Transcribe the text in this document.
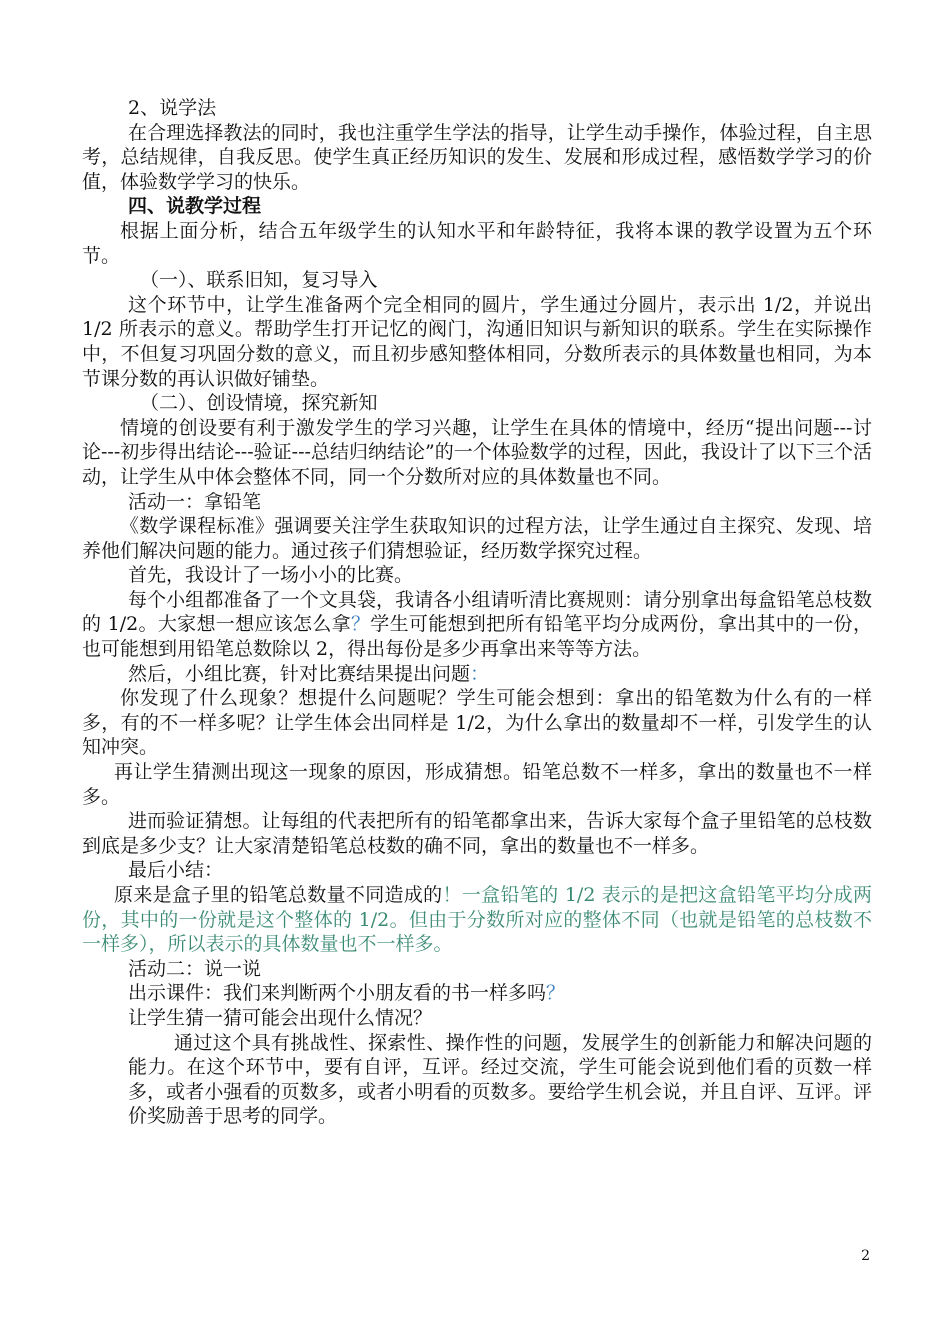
2、说学法

在合理选择教法的同时，我也注重学生学法的指导，让学生动手操作，体验过程，自主思考，总结规律，自我反思。使学生真正经历知识的发生、发展和形成过程，感悟数学学习的价值，体验数学学习的快乐。

四、说教学过程

根据上面分析，结合五年级学生的认知水平和年龄特征，我将本课的教学设置为五个环节。

（一）、联系旧知，复习导入

这个环节中，让学生准备两个完全相同的圆片，学生通过分圆片，表示出 1/2，并说出 1/2 所表示的意义。帮助学生打开记忆的阀门，沟通旧知识与新知识的联系。学生在实际操作中，不但复习巩固分数的意义，而且初步感知整体相同，分数所表示的具体数量也相同，为本节课分数的再认识做好铺垫。

（二）、创设情境，探究新知

情境的创设要有利于激发学生的学习兴趣，让学生在具体的情境中，经历“提出问题---讨论---初步得出结论---验证---总结归纳结论”的一个体验数学的过程，因此，我设计了以下三个活动，让学生从中体会整体不同，同一个分数所对应的具体数量也不同。

活动一：拿铅笔

《数学课程标准》强调要关注学生获取知识的过程方法，让学生通过自主探究、发现、培养他们解决问题的能力。通过孩子们猜想验证，经历数学探究过程。

首先，我设计了一场小小的比赛。

每个小组都准备了一个文具袋，我请各小组请听清比赛规则：请分别拿出每盒铅笔总枝数的 1/2。大家想一想应该怎么拿？学生可能想到把所有铅笔平均分成两份，拿出其中的一份，也可能想到用铅笔总数除以 2，得出每份是多少再拿出来等等方法。

然后，小组比赛，针对比赛结果提出问题：

你发现了什么现象？想提什么问题呢？学生可能会想到：拿出的铅笔数为什么有的一样多，有的不一样多呢？让学生体会出同样是 1/2，为什么拿出的数量却不一样，引发学生的认知冲突。

再让学生猜测出现这一现象的原因，形成猜想。铅笔总数不一样多，拿出的数量也不一样多。

进而验证猜想。让每组的代表把所有的铅笔都拿出来，告诉大家每个盒子里铅笔的总枝数到底是多少支？让大家清楚铅笔总枝数的确不同，拿出的数量也不一样多。

最后小结：

原来是盒子里的铅笔总数量不同造成的！一盒铅笔的 1/2 表示的是把这盒铅笔平均分成两份，其中的一份就是这个整体的 1/2。但由于分数所对应的整体不同（也就是铅笔的总枝数不一样多），所以表示的具体数量也不一样多。

活动二：说一说

出示课件：我们来判断两个小朋友看的书一样多吗？

让学生猜一猜可能会出现什么情况？

通过这个具有挑战性、探索性、操作性的问题，发展学生的创新能力和解决问题的能力。在这个环节中，要有自评，互评。经过交流，学生可能会说到他们看的页数一样多，或者小强看的页数多，或者小明看的页数多。要给学生机会说，并且自评、互评。评价奖励善于思考的同学。

2
